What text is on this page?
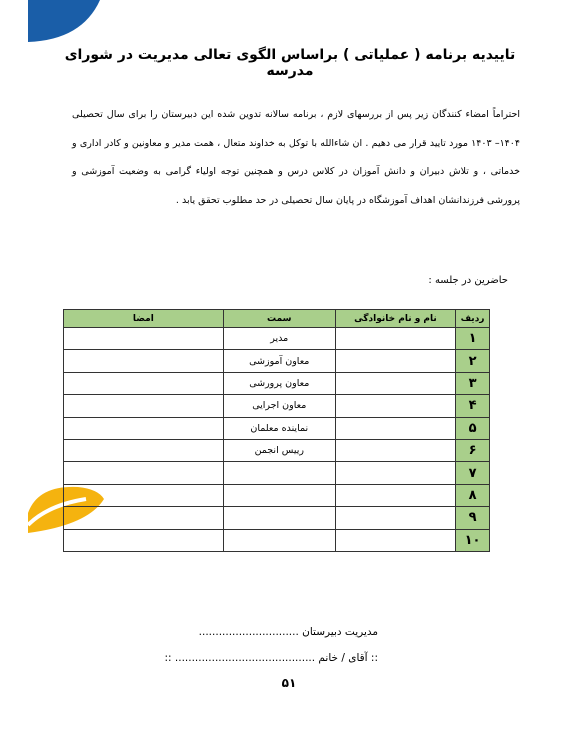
تاییدیه برنامه ( عملیاتی ) براساس الگوی تعالی مدیریت در شورای مدرسه
احتراماً امضاء کنندگان زیر پس از بررسهای لازم ، برنامه سالانه تدوین شده این دبیرستان را برای سال تحصیلی ۱۴۰۴– ۱۴۰۳ مورد تایید قرار می دهیم . ان شاءالله با توکل به خداوند متعال ، همت مدیر و معاونین و کادر اداری و خدماتی ، و تلاش دبیران و دانش آموزان در کلاس درس و همچنین توجه اولیاء گرامی به وضعیت آموزشی و پرورشی فرزندانشان اهداف آموزشگاه در پایان سال تحصیلی در حد مطلوب تحقق یابد .
حاضرین در جلسه :
ردیف	نام و نام خانوادگی	سمت	امضا
۱		مدیر	
۲		معاون آموزشی	
۳		معاون پرورشی	
۴		معاون اجرایی	
۵		نماینده معلمان	
۶		رییس انجمن	
۷			
۸			
۹			
۱۰			
مدیریت دبیرستان ..............................
:: آقای / خانم .......................................... ::
۵۱
